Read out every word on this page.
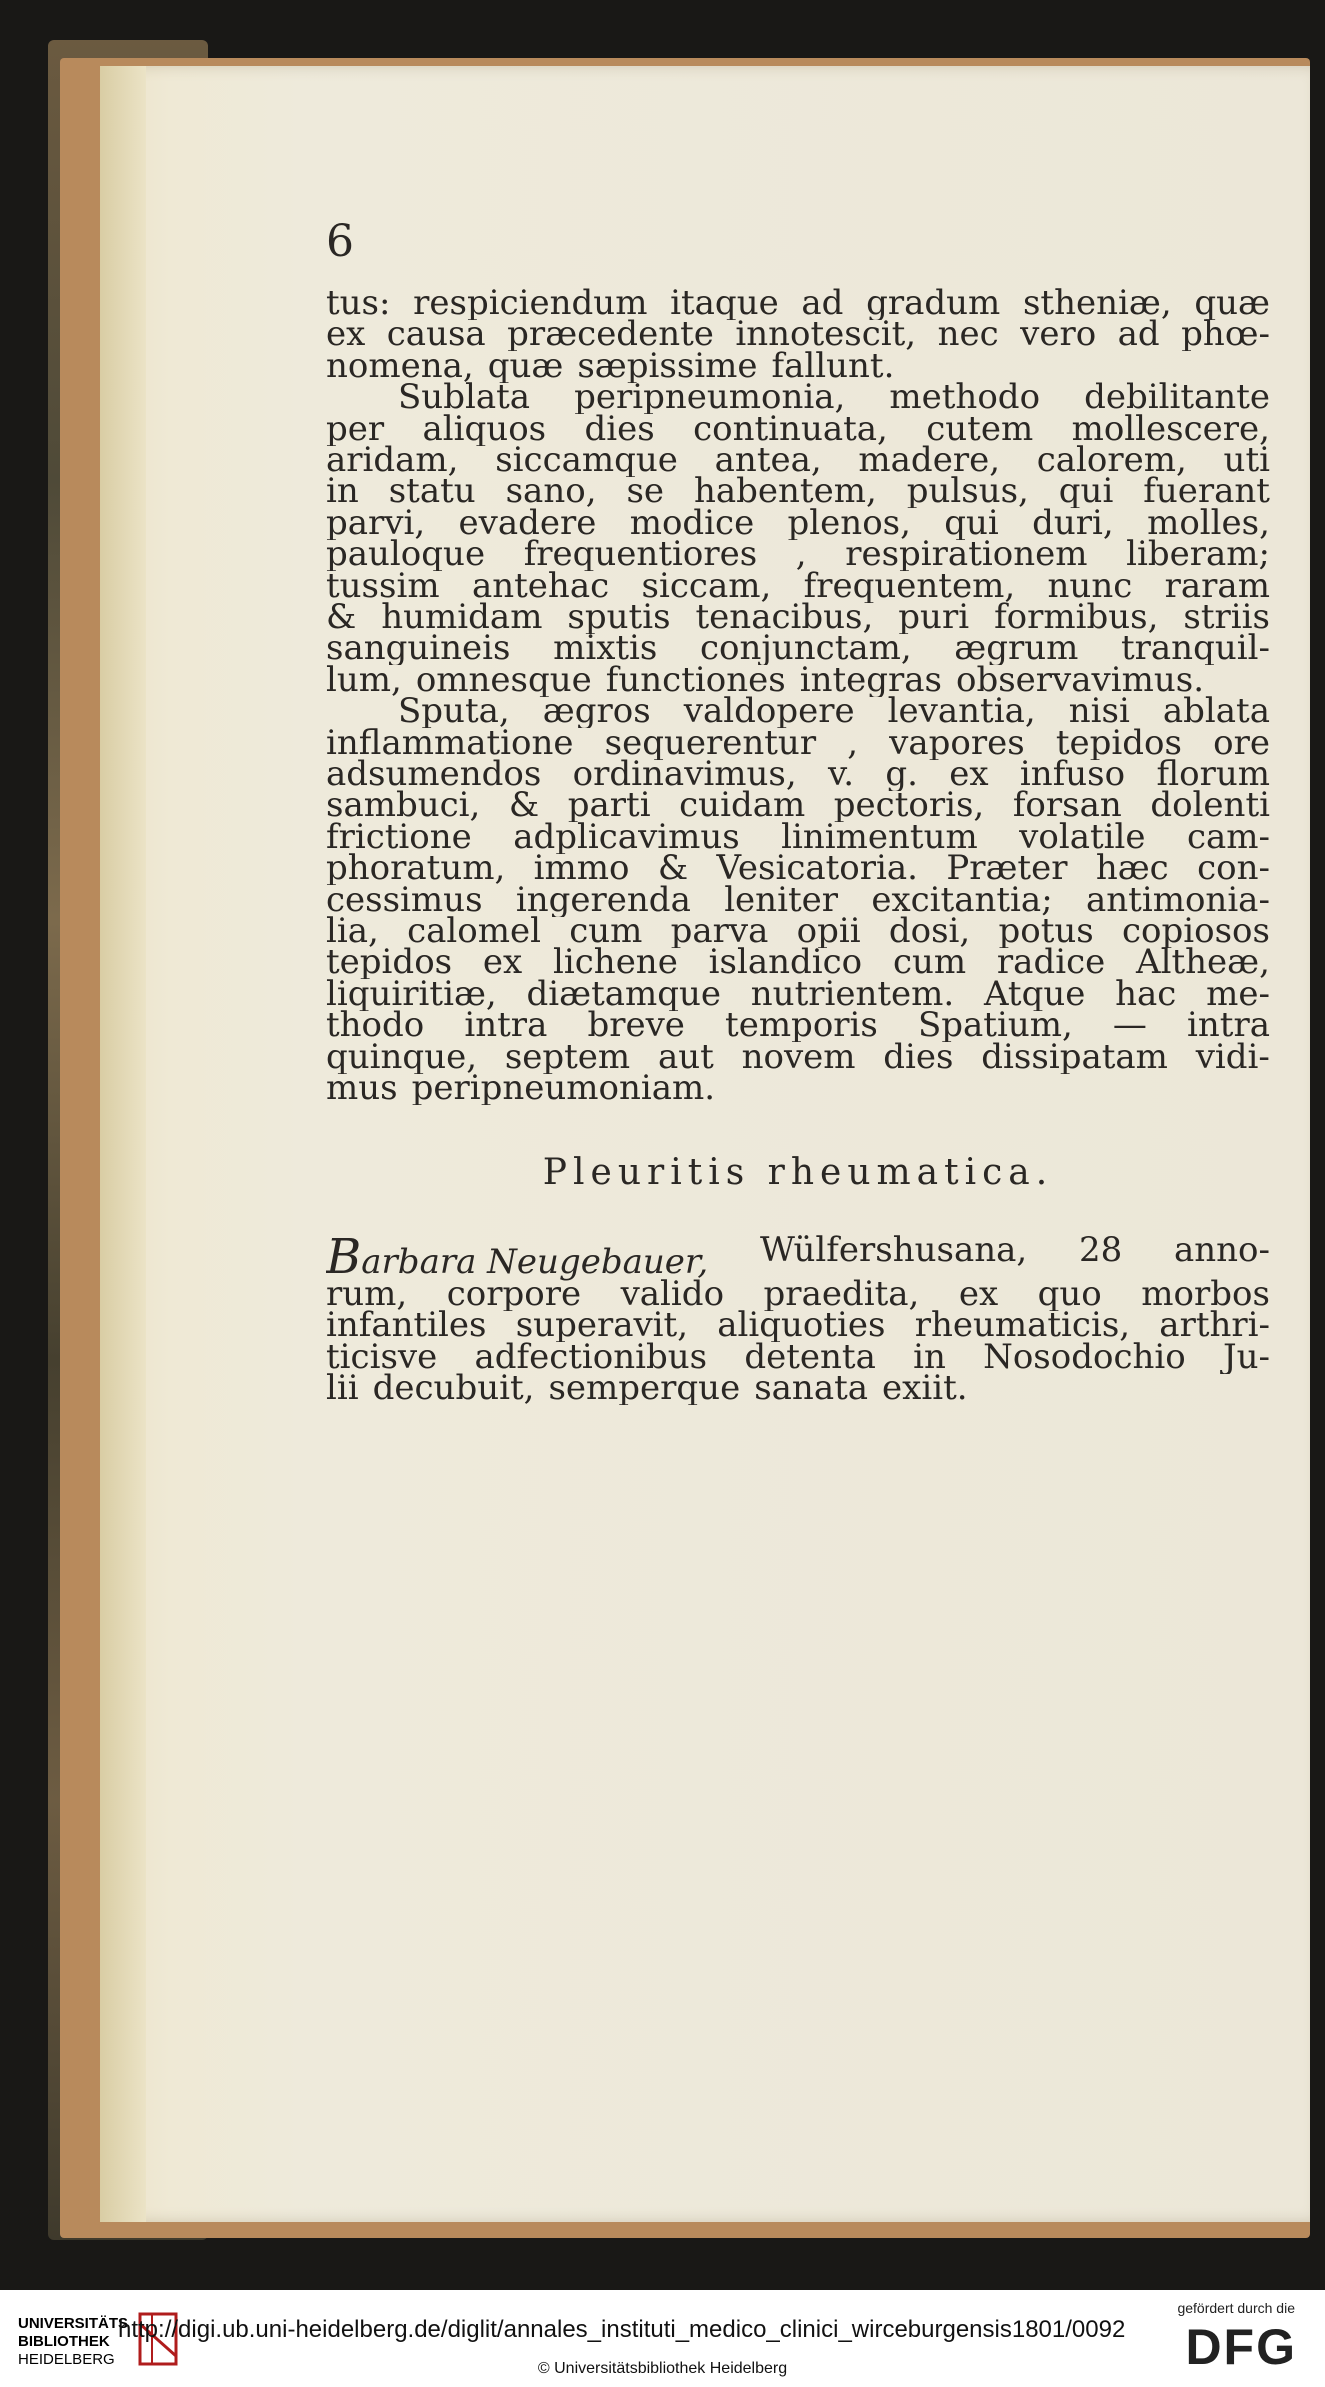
6
tus: respiciendum itaque ad gradum stheniæ, quæ
ex causa præcedente innotescit, nec vero ad phœ-
nomena, quæ sæpissime fallunt.
Sublata peripneumonia, methodo debilitante
per aliquos dies continuata, cutem mollescere,
aridam, siccamque antea, madere, calorem, uti
in statu sano, se habentem, pulsus, qui fuerant
parvi, evadere modice plenos, qui duri, molles,
pauloque frequentiores , respirationem liberam;
tussim antehac siccam, frequentem, nunc raram
& humidam sputis tenacibus, puri formibus, striis
sanguineis mixtis conjunctam, ægrum tranquil-
lum, omnesque functiones integras observavimus.
Sputa, ægros valdopere levantia, nisi ablata
inflammatione sequerentur , vapores tepidos ore
adsumendos ordinavimus, v. g. ex infuso florum
sambuci, & parti cuidam pectoris, forsan dolenti
frictione adplicavimus linimentum volatile cam-
phoratum, immo & Vesicatoria. Præter hæc con-
cessimus ingerenda leniter excitantia; antimonia-
lia, calomel cum parva opii dosi, potus copiosos
tepidos ex lichene islandico cum radice Altheæ,
liquiritiæ, diætamque nutrientem. Atque hac me-
thodo intra breve temporis Spatium, — intra
quinque, septem aut novem dies dissipatam vidi-
mus peripneumoniam.
Pleuritis rheumatica.
Barbara Neugebauer, Wülfershusana, 28 anno-
rum, corpore valido praedita, ex quo morbos
infantiles superavit, aliquoties rheumaticis, arthri-
ticisve adfectionibus detenta in Nosodochio Ju-
lii decubuit, semperque sanata exiit.
UNIVERSITÄTS
BIBLIOTHEK
HEIDELBERG
http://digi.ub.uni-heidelberg.de/diglit/annales_instituti_medico_clinici_wirceburgensis1801/0092
© Universitätsbibliothek Heidelberg
gefördert durch die
DFG
